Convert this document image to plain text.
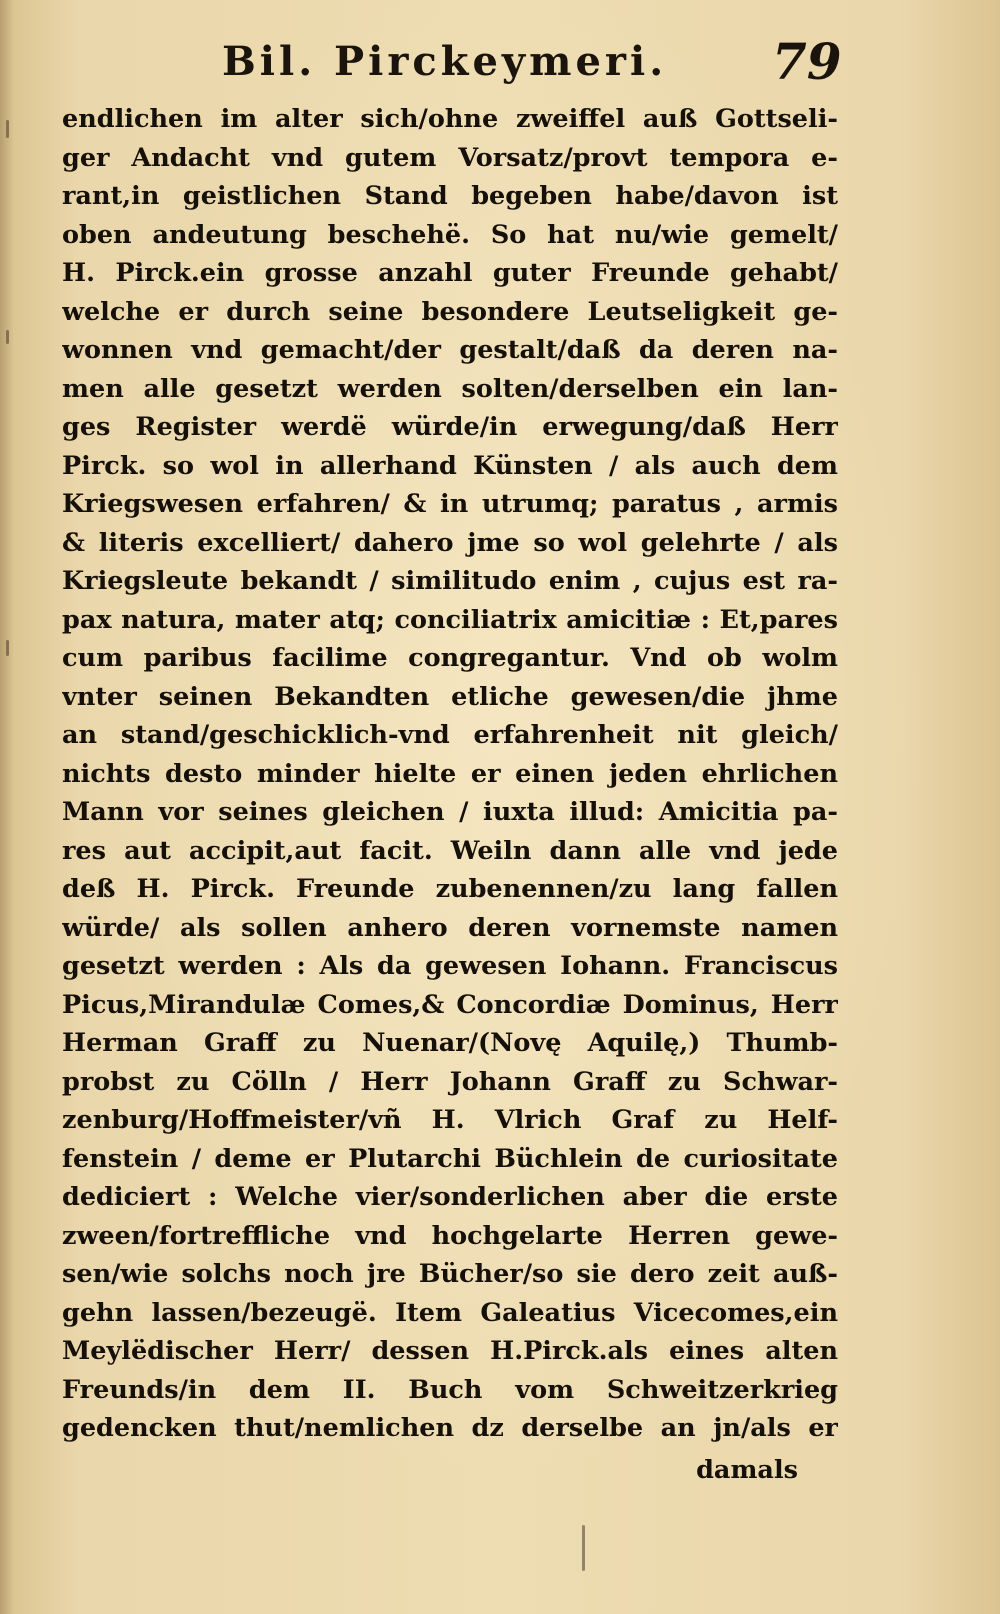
Bil. Pirckeymeri. 79
endlichen im alter sich/ohne zweiffel auß Gottseli-
ger Andacht vnd gutem Vorsatz/provt tempora e-
rant,in geistlichen Stand begeben habe/davon ist
oben andeutung beschehë. So hat nu/wie gemelt/
H. Pirck.ein grosse anzahl guter Freunde gehabt/
welche er durch seine besondere Leutseligkeit ge-
wonnen vnd gemacht/der gestalt/daß da deren na-
men alle gesetzt werden solten/derselben ein lan-
ges Register werdë würde/in erwegung/daß Herr
Pirck. so wol in allerhand Künsten / als auch dem
Kriegswesen erfahren/ & in utrumq; paratus , armis
& literis excelliert/ dahero jme so wol gelehrte / als
Kriegsleute bekandt / similitudo enim , cujus est ra-
pax natura, mater atq; conciliatrix amicitiæ : Et,pares
cum paribus facilime congregantur. Vnd ob wolm
vnter seinen Bekandten etliche gewesen/die jhme
an stand/geschicklich-vnd erfahrenheit nit gleich/
nichts desto minder hielte er einen jeden ehrlichen
Mann vor seines gleichen / iuxta illud: Amicitia pa-
res aut accipit,aut facit. Weiln dann alle vnd jede
deß H. Pirck. Freunde zubenennen/zu lang fallen
würde/ als sollen anhero deren vornemste namen
gesetzt werden : Als da gewesen Iohann. Franciscus
Picus,Mirandulæ Comes,& Concordiæ Dominus, Herr
Herman Graff zu Nuenar/(Novę Aquilę,) Thumb-
probst zu Cölln / Herr Johann Graff zu Schwar-
zenburg/Hoffmeister/vñ H. Vlrich Graf zu Helf-
fenstein / deme er Plutarchi Büchlein de curiositate
dediciert : Welche vier/sonderlichen aber die erste
zween/fortreffliche vnd hochgelarte Herren gewe-
sen/wie solchs noch jre Bücher/so sie dero zeit auß-
gehn lassen/bezeugë. Item Galeatius Vicecomes,ein
Meylëdischer Herr/ dessen H.Pirck.als eines alten
Freunds/in dem II. Buch vom Schweitzerkrieg
gedencken thut/nemlichen dz derselbe an jn/als er
damals
